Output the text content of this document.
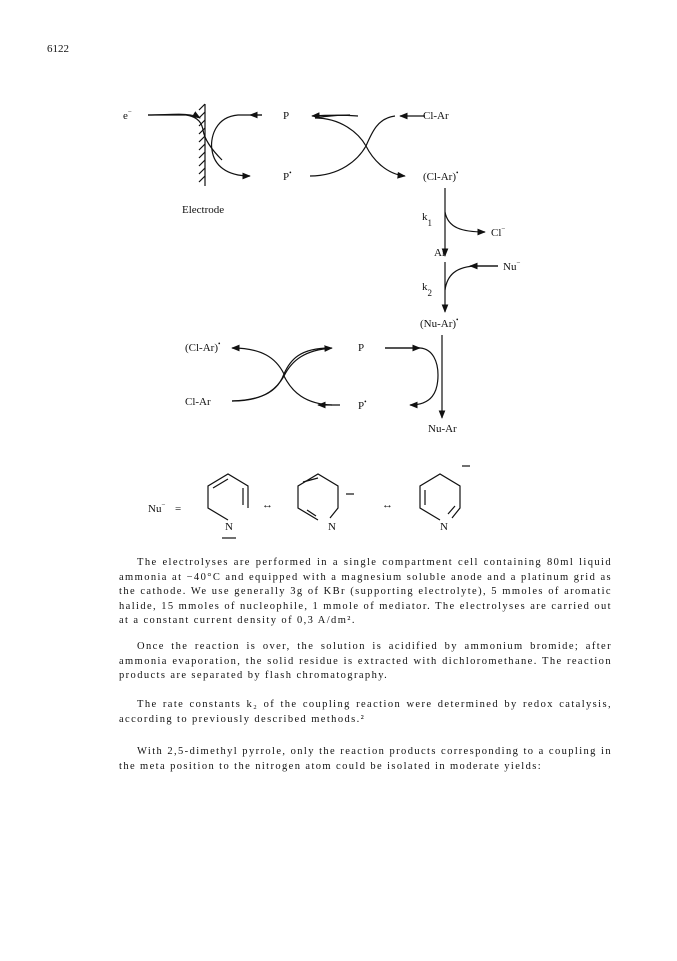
6122
e−
Electrode
P
P•
Cl-Ar
(Cl-Ar)•
$k_1$
Cl−
Ar•
$k_2$
Nu−
(Nu-Ar)•
(Cl-Ar)•
Cl-Ar
P
P•
Nu-Ar
Nu− =
N
↔
N
↔
N

The electrolyses are performed in a single compartment cell containing 80ml liquid ammonia at −40°C and equipped with a magnesium soluble anode and a platinum grid as the cathode. We use generally 3g of KBr (supporting electrolyte), 5 mmoles of aromatic halide, 15 mmoles of nucleophile, 1 mmole of mediator. The electrolyses are carried out at a constant current density of 0,3 A/dm².

Once the reaction is over, the solution is acidified by ammonium bromide; after ammonia evaporation, the solid residue is extracted with dichloromethane. The reaction products are separated by flash chromatography.

The rate constants k₂ of the coupling reaction were determined by redox catalysis, according to previously described methods.²

With 2,5-dimethyl pyrrole, only the reaction products corresponding to a coupling in the meta position to the nitrogen atom could be isolated in moderate yields:
